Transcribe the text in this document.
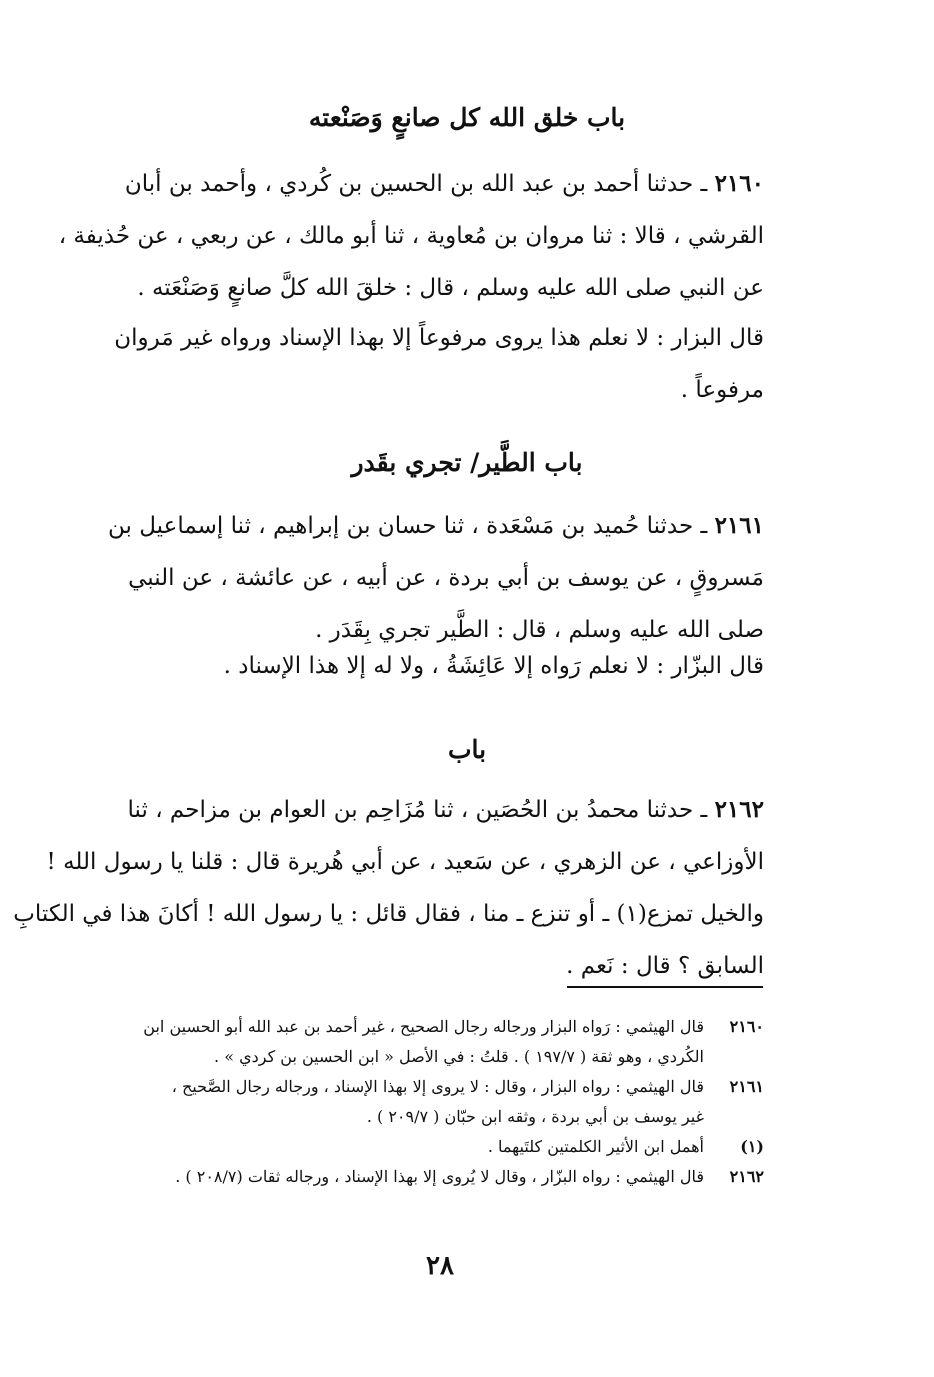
باب خلق الله كل صانعٍ وَصَنْعته
٢١٦٠ ـ حدثنا أحمد بن عبد الله بن الحسين بن كُردي ، وأحمد بن أبان
القرشي ، قالا : ثنا مروان بن مُعاوية ، ثنا أبو مالك ، عن ربعي ، عن حُذيفة ،
عن النبي صلى الله عليه وسلم ، قال : خلقَ الله كلَّ صانعٍ وَصَنْعَته .
قال البزار : لا نعلم هذا يروى مرفوعاً إلا بهذا الإسناد ورواه غير مَروان
مرفوعاً .
باب الطَّير/ تجري بقَدر
٢١٦١ ـ حدثنا حُميد بن مَسْعَدة ، ثنا حسان بن إبراهيم ، ثنا إسماعيل بن
مَسروقٍ ، عن يوسف بن أبي بردة ، عن أبيه ، عن عائشة ، عن النبي
صلى الله عليه وسلم ، قال : الطَّير تجري بِقَدَر .
قال البزّار : لا نعلم رَواه إلا عَائِشَةُ ، ولا له إلا هذا الإسناد .
باب
٢١٦٢ ـ حدثنا محمدُ بن الحُصَين ، ثنا مُزَاحِم بن العوام بن مزاحم ، ثنا
الأوزاعي ، عن الزهري ، عن سَعيد ، عن أبي هُريرة قال : قلنا يا رسول الله !
والخيل تمزع(١) ـ أو تنزع ـ منا ، فقال قائل : يا رسول الله ! أكانَ هذا في الكتابِ
السابق ؟ قال : نَعم .
٢١٦٠
قال الهيثمي : رَواه البزار ورجاله رجال الصحيح ، غير أحمد بن عبد الله أبو الحسين ابن
الكُردي ، وهو ثقة ( ١٩٧/٧ ) . قلتُ : في الأصل « ابن الحسين بن كردي » .
٢١٦١
قال الهيثمي : رواه البزار ، وقال : لا يروى إلا بهذا الإسناد ، ورجاله رجال الصَّحيح ،
غير يوسف بن أبي بردة ، وثقه ابن حبّان ( ٢٠٩/٧ ) .
(١)
أهمل ابن الأثير الكلمتين كلتَيهما .
٢١٦٢
قال الهيثمي : رواه البزّار ، وقال لا يُروى إلا بهذا الإسناد ، ورجاله ثقات (٢٠٨/٧ ) .
٢٨
